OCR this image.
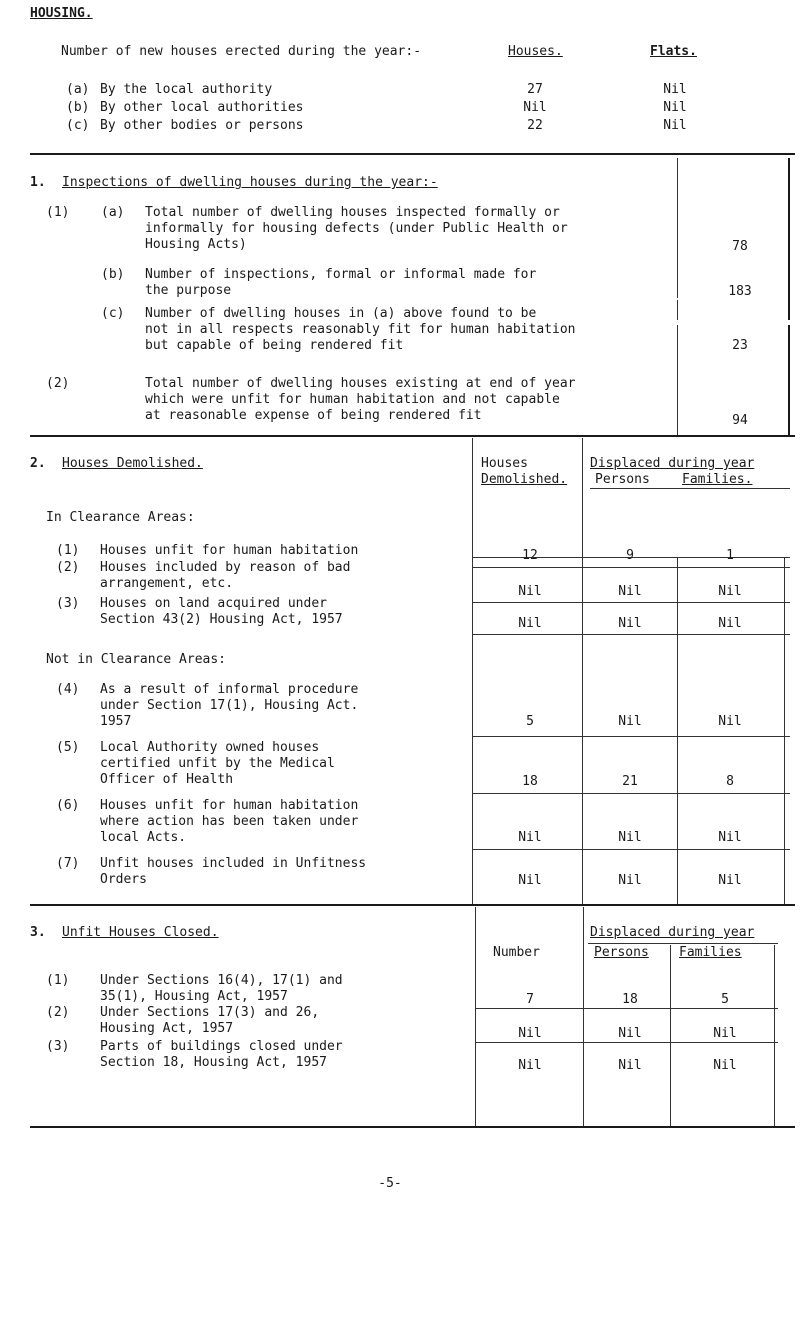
HOUSING.
Number of new houses erected during the year:-	Houses.	Flats.
(a) By the local authority	27	Nil
(b) By other local authorities	Nil	Nil
(c) By other bodies or persons	22	Nil
1. Inspections of dwelling houses during the year:-
(1) (a) Total number of dwelling houses inspected formally or
informally for housing defects (under Public Health or
Housing Acts)	78
(b) Number of inspections, formal or informal made for
the purpose	183
(c) Number of dwelling houses in (a) above found to be
not in all respects reasonably fit for human habitation
but capable of being rendered fit	23
(2)	Total number of dwelling houses existing at end of year
which were unfit for human habitation and not capable
at reasonable expense of being rendered fit	94
2. Houses Demolished.	Houses
Demolished.
Displaced during year
Persons Families.
In Clearance Areas:
(1) Houses unfit for human habitation	12	9	1
(2) Houses included by reason of bad
arrangement, etc.
Nil	Nil	Nil
(3) Houses on land acquired under
Section 43(2) Housing Act, 1957	Nil	Nil	Nil
Not in Clearance Areas:
(4) As a result of informal procedure
under Section 17(1), Housing Act.
1957	5	Nil	Nil
(5) Local Authority owned houses
certified unfit by the Medical
Officer of Health	18	21	8
(6) Houses unfit for human habitation
where action has been taken under
local Acts.	Nil	Nil	Nil
(7) Unfit houses included in Unfitness
Orders	Nil	Nil	Nil
3. Unfit Houses Closed.	Displaced during year
Number	Persons Families
(1) Under Sections 16(4), 17(1) and
35(1), Housing Act, 1957	7	18	5
(2) Under Sections 17(3) and 26,
Housing Act, 1957	Nil	Nil	Nil
(3) Parts of buildings closed under
Section 18, Housing Act, 1957	Nil	Nil	Nil
-5-
